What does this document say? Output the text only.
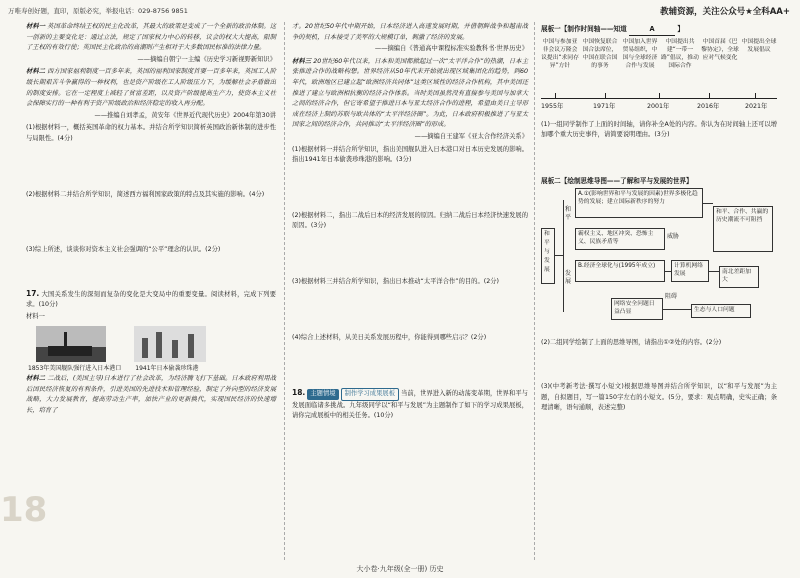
万唯寿创好题，直印，原版必究，举报电话：029-8756 9851	教辅资源，关注公众号★全科AA+
材料一 英国革命终结王权的民主化改革，其最大的政策是变成了一个全新的政治体制。这一创新的主要变化是：通过立法，规定了国家权力中心的转移，议会的权大大提高，限制了王权的有效行使；英国民主化政治的高潮则产生相对于大多数国民标准的法律力量。
——摘编自朝宁一主编《历史学习新视野新知识》
材料二 西方国家福利制度一百多年来，英国的福利国家制度首要一百多年来，英国工人阶级长期艰苦斗争赢得的一种权利，也是资产阶级在工人阶级压力下，为缓解社会矛盾做出的制度安排。它在一定程度上减轻了贫富差距，以及资产阶级提高生产力，使资本主义社会保障实行的一种有利于资产阶级政治和经济稳定的收入再分配。
——推编自刘孝孟，黄安年《世界近代现代历史》2004年第30讲
(1)根据材料一，概括英国革命的权力基本。并结合所学知识简析英国政治新体制的进步性与局限性。(4分)
(2)根据材料二并结合所学知识，简述西方福利国家政策的特点及其实施的影响。(4分)
(3)综上所述，谈谈你对资本主义社会强调的“公平”理念的认识。(2分)
17. 大国关系发生的深刻而复杂的变化是大变局中的重要变量。阅读材料，完成下列要求。(10分)
材料一
1853年美国舰队强行进入日本港口 1941年日本偷袭珍珠港
材料二 二战后，(美国主导)日本进行了社会改革，为经济腾飞打下基础。日本政府利用战后国民经济恢复的有利条件，引进美国的先进技术和管理经验，制定了外向型的经济发展战略，大力发展教育，提高劳动生产率，加快产业的更新换代，实现国民经济的快速增长，培育了
18
才。20世纪50年代中期开始，日本经济进入高速发展时期，并借朝鲜战争和越南战争的契机，日本接受了美军的大规模订单，刺激了经济的发展。
——摘编自《普通高中课程标准实验教科书·世界历史》
材料三 20世纪60年代以来，日本和美国都掀起过一次“太平洋合作”的热潮，日本主张推进合作的战略构想。世界经济从50年代末开始就出现区域集团化的趋势，到60年代，欧洲地区已建立起“欧洲经济共同体”这类区域性的经济合作机构，其中美国还推进了建立与欧洲相抗衡的经济合作体系。当时美国虽然没有直接参与美国与加拿大之间的经济合作，但它寄希望于推进日本与亚太经济合作的进程，希望由美日主导形成在经济上制约苏联与欧共体的“太平洋经济圈”。为此，日本政府积极推进了与亚太国家之间的经济合作，共同推动“太平洋经济圈”的形成。
——摘编自王建军《亚太合作经济关系》
(1)根据材料一并结合所学知识，指出美国舰队进入日本港口对日本历史发展的影响。指出1941年日本偷袭珍珠港的影响。(3分)
(2)根据材料二，指出二战后日本的经济发展的原因。归纳二战后日本经济快速发展的原因。(3分)
(3)根据材料三并结合所学知识，指出日本推动“太平洋合作”的目的。(2分)
(4)综合上述材料，从美日关系发展历程中，你能得到哪些启示？(2分)
18. 主题情境 制作学习成果展板 当前，世界进入新的动荡变革期，世界和平与发展面临诸多挑战。九年级同学以“和平与发展”为主题制作了如下的学习成果展板，请你完成展板中的相关任务。(10分)
展板一【制作时间轴——知道	A	】
中国与参加亚非会议万隆会议提出“求同存异”方针
中国恢复联合国合法席位，中国在联合国的事务
中国加入世界贸易组织，中国与全球经济合作与发展
中国提出共建“一带一路”倡议，推动国际合作
中国首届《巴黎协定》，全球应对气候变化
中国提出全球发展倡议
1955年	1971年	2001年	2016年	2021年
(1)一组同学制作了上面的时间轴，请你补全A处的内容。你认为在时间轴上还可以增加哪个重大历史事件，请简要说明理由。(3分)
展板二【绘制思维导图——了解和平与发展的世界】
和平与发展
和平
发展
A.①(影响世界和平与发展的因素)世界多极化趋势的发展；建立国际新秩序的努力
霸权主义、地区冲突、恐怖主义、民族矛盾等
威胁
B.经济全球化与(1995年成立)	计算机网络发展
网络安全问题日益凸显
阻碍
生态与人口问题
和平、合作、共赢的历史潮流不可阻挡
南北差距加大
(2)二组同学绘制了上面的思维导图，请指出①②处的内容。(2分)
(3)(中考新考法·撰写小短文)根据思维导图并结合所学知识，以“和平与发展”为主题，自拟题目，写一篇150字左右的小短文。(5分，要求：观点明确，史实正确；条理清晰，语句通顺，表述完整)
大小卷·九年级(全一册) 历史
